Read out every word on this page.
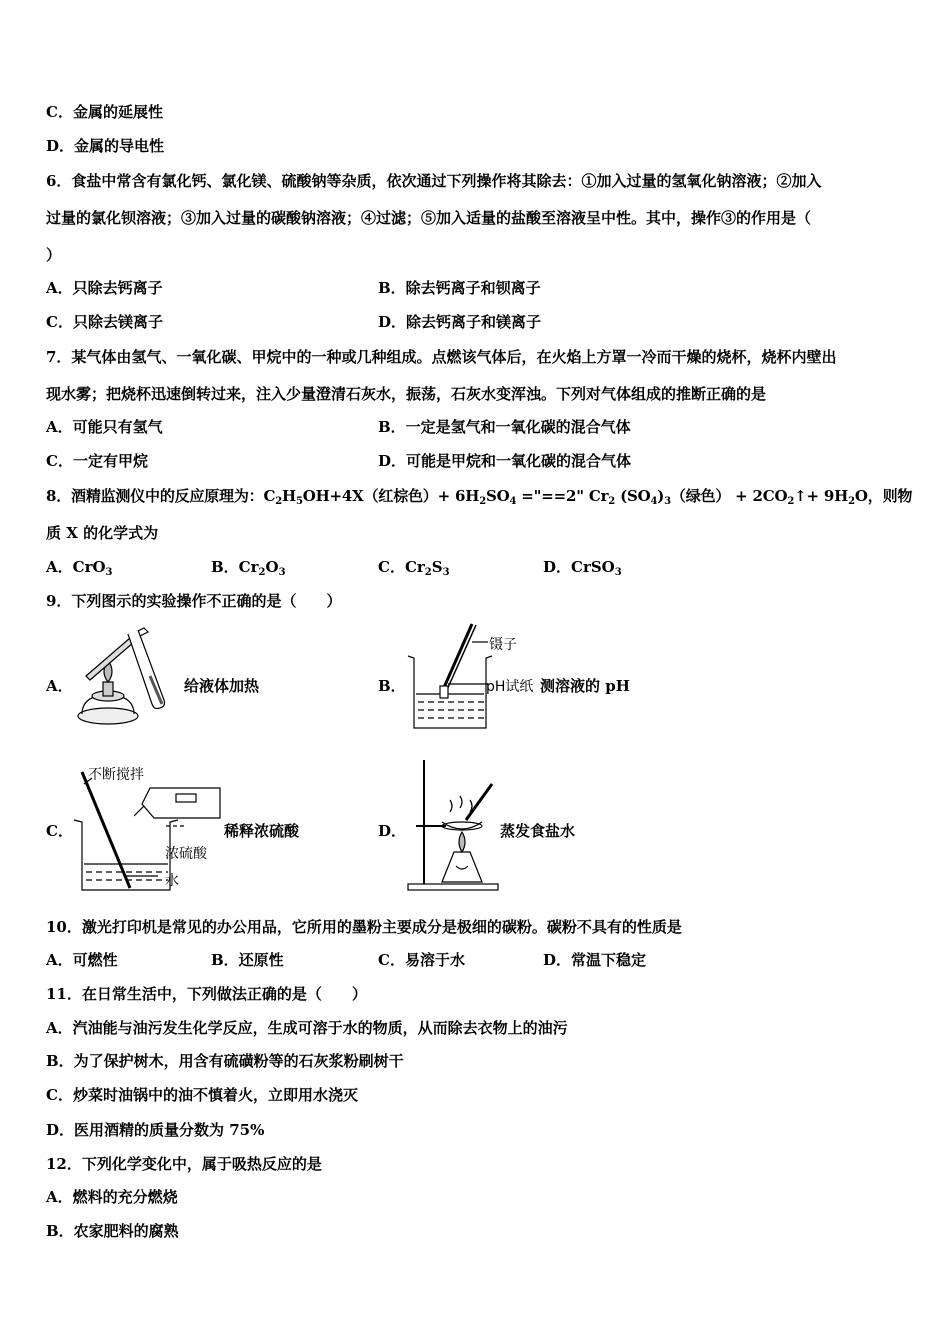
C．金属的延展性
D．金属的导电性
6．食盐中常含有氯化钙、氯化镁、硫酸钠等杂质，依次通过下列操作将其除去：①加入过量的氢氧化钠溶液；②加入
过量的氯化钡溶液；③加入过量的碳酸钠溶液；④过滤；⑤加入适量的盐酸至溶液呈中性。其中，操作③的作用是（
）
A．只除去钙离子	B．除去钙离子和钡离子
C．只除去镁离子	D．除去钙离子和镁离子
7．某气体由氢气、一氧化碳、甲烷中的一种或几种组成。点燃该气体后，在火焰上方罩一冷而干燥的烧杯，烧杯内壁出
现水雾；把烧杯迅速倒转过来，注入少量澄清石灰水，振荡，石灰水变浑浊。下列对气体组成的推断正确的是
A．可能只有氢气	B．一定是氢气和一氧化碳的混合气体
C．一定有甲烷	D．可能是甲烷和一氧化碳的混合气体
8．酒精监测仪中的反应原理为：$C_2H_5OH+4X$（红棕色）+ $6H_2SO_4$ ="==2" $Cr_2$ $(SO_4)_3$（绿色） + $2CO_2↑+ 9H_2O$，则物
质 X 的化学式为
A．CrO$_3$	B．$Cr_2O_3$	C．$Cr_2S_3$	D．CrSO$_3$
9．下列图示的实验操作不正确的是（　　）
A．	给液体加热	B．
镊子
pH试纸 测溶液的 pH
C．
不断搅拌
浓硫酸
水
稀释浓硫酸	D．	蒸发食盐水
10．激光打印机是常见的办公用品，它所用的墨粉主要成分是极细的碳粉。碳粉不具有的性质是
A．可燃性	B．还原性	C．易溶于水	D．常温下稳定
11．在日常生活中，下列做法正确的是（　　）
A．汽油能与油污发生化学反应，生成可溶于水的物质，从而除去衣物上的油污
B．为了保护树木，用含有硫磺粉等的石灰浆粉刷树干
C．炒菜时油锅中的油不慎着火，立即用水浇灭
D．医用酒精的质量分数为 75%
12．下列化学变化中，属于吸热反应的是
A．燃料的充分燃烧
B．农家肥料的腐熟
